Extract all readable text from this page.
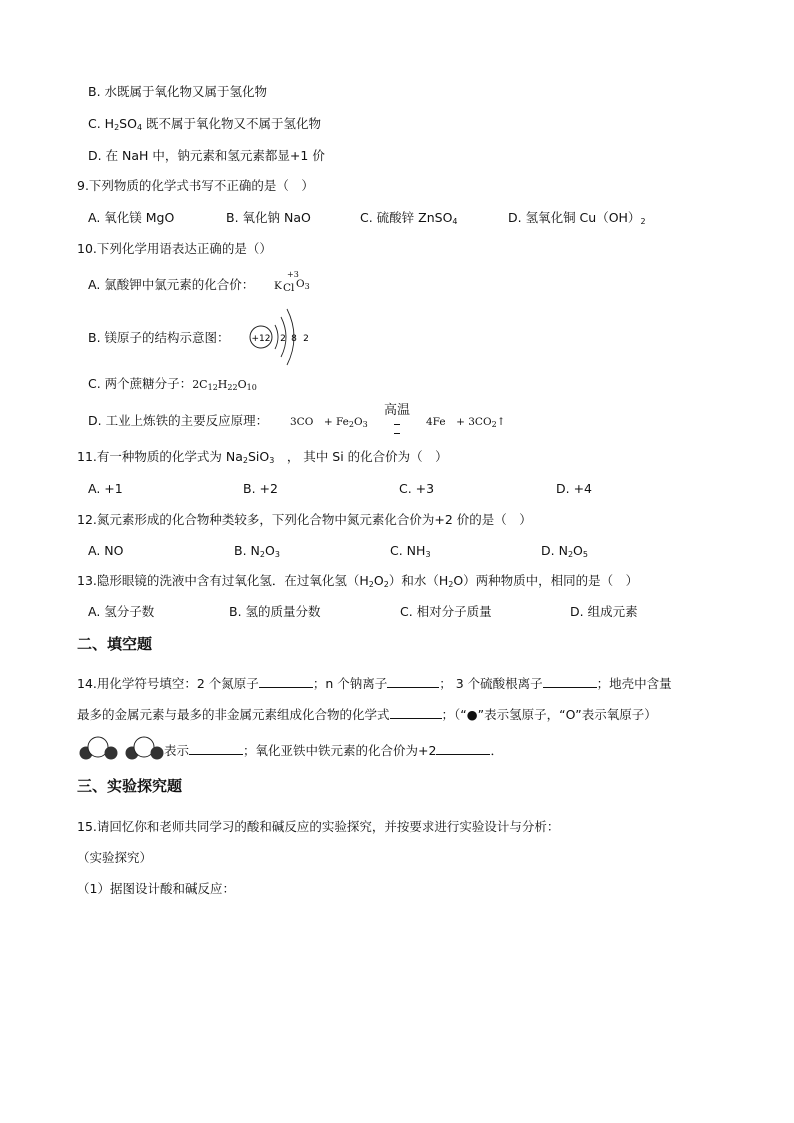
B. 水既属于氧化物又属于氢化物
C. $H_2SO_4$ 既不属于氧化物又不属于氢化物
D. 在 NaH 中，钠元素和氢元素都显+1 价
9.下列物质的化学式书写不正确的是（　）
A. 氧化镁 MgO	B. 氧化钠 NaO	C. 硫酸锌 ZnSO$_4$	D. 氢氧化铜 $Cu(OH)_2$
10.下列化学用语表达正确的是（）
A. 氯酸钾中氯元素的化合价： K
+3
Cl $O_3$
B. 镁原子的结构示意图： +12 2 8 2
C. 两个蔗糖分子：$2C_{12}H_{22}O_{10}$
D. 工业上炼铁的主要反应原理： 3CO　+ $Fe_2O_3$
高温
4Fe　+ $3CO_2↑$
11.有一种物质的化学式为 $Na_2SiO_3$　， 其中 Si 的化合价为（　）
A. +1	B. +2	C. +3	D. +4
12.氮元素形成的化合物种类较多，下列化合物中氮元素化合价为+2 价的是（　）
A. NO	B. $N_2O_3$	C. $NH_3$	D. $N_2O_5$
13.隐形眼镜的洗液中含有过氧化氢．在过氧化氢$(H_2O_2)$和水$(H_2O)$两种物质中，相同的是（　）
A. 氢分子数	B. 氢的质量分数	C. 相对分子质量	D. 组成元素
二、填空题
14.用化学符号填空：2 个氮原子	；n 个钠离子	； 3 个硫酸根离子	；地壳中含量
最多的金属元素与最多的非金属元素组成化合物的化学式	；（“●”表示氢原子，“O”表示氧原子）
表示	；氧化亚铁中铁元素的化合价为+2	．
三、实验探究题
15.请回忆你和老师共同学习的酸和碱反应的实验探究，并按要求进行实验设计与分析：
（实验探究）
（1）据图设计酸和碱反应：
